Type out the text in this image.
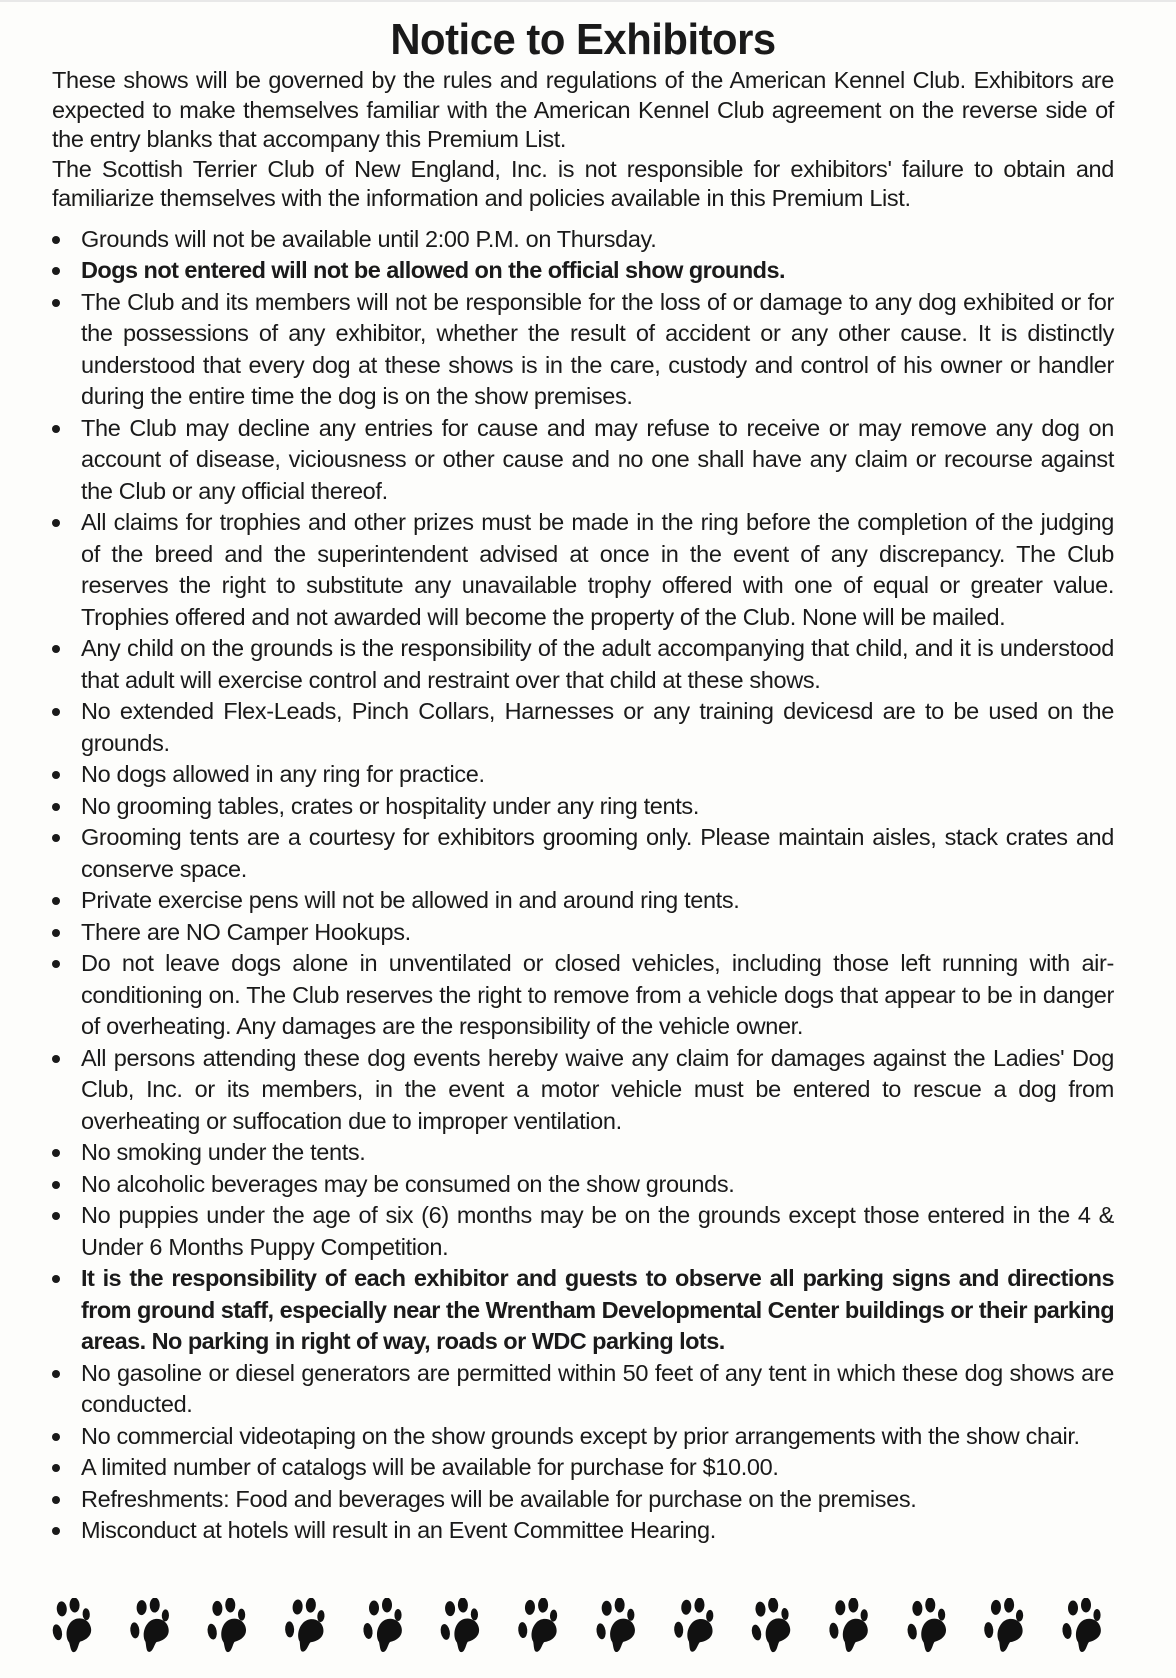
Notice to Exhibitors

These shows will be governed by the rules and regulations of the American Kennel Club. Exhibitors are expected to make themselves familiar with the American Kennel Club agreement on the reverse side of the entry blanks that accompany this Premium List.

The Scottish Terrier Club of New England, Inc. is not responsible for exhibitors' failure to obtain and familiarize themselves with the information and policies available in this Premium List.

Grounds will not be available until 2:00 P.M. on Thursday.
Dogs not entered will not be allowed on the official show grounds.
The Club and its members will not be responsible for the loss of or damage to any dog exhibited or for the possessions of any exhibitor, whether the result of accident or any other cause. It is distinctly understood that every dog at these shows is in the care, custody and control of his owner or handler during the entire time the dog is on the show premises.
The Club may decline any entries for cause and may refuse to receive or may remove any dog on account of disease, viciousness or other cause and no one shall have any claim or recourse against the Club or any official thereof.
All claims for trophies and other prizes must be made in the ring before the completion of the judging of the breed and the superintendent advised at once in the event of any discrepancy. The Club reserves the right to substitute any unavailable trophy offered with one of equal or greater value. Trophies offered and not awarded will become the property of the Club. None will be mailed.
Any child on the grounds is the responsibility of the adult accompanying that child, and it is understood that adult will exercise control and restraint over that child at these shows.
No extended Flex-Leads, Pinch Collars, Harnesses or any training devicesd are to be used on the grounds.
No dogs allowed in any ring for practice.
No grooming tables, crates or hospitality under any ring tents.
Grooming tents are a courtesy for exhibitors grooming only. Please maintain aisles, stack crates and conserve space.
Private exercise pens will not be allowed in and around ring tents.
There are NO Camper Hookups.
Do not leave dogs alone in unventilated or closed vehicles, including those left running with air-conditioning on. The Club reserves the right to remove from a vehicle dogs that appear to be in danger of overheating. Any damages are the responsibility of the vehicle owner.
All persons attending these dog events hereby waive any claim for damages against the Ladies' Dog Club, Inc. or its members, in the event a motor vehicle must be entered to rescue a dog from overheating or suffocation due to improper ventilation.
No smoking under the tents.
No alcoholic beverages may be consumed on the show grounds.
No puppies under the age of six (6) months may be on the grounds except those entered in the 4 & Under 6 Months Puppy Competition.
It is the responsibility of each exhibitor and guests to observe all parking signs and directions from ground staff, especially near the Wrentham Developmental Center buildings or their parking areas. No parking in right of way, roads or WDC parking lots.
No gasoline or diesel generators are permitted within 50 feet of any tent in which these dog shows are conducted.
No commercial videotaping on the show grounds except by prior arrangements with the show chair.
A limited number of catalogs will be available for purchase for $10.00.
Refreshments: Food and beverages will be available for purchase on the premises.
Misconduct at hotels will result in an Event Committee Hearing.
